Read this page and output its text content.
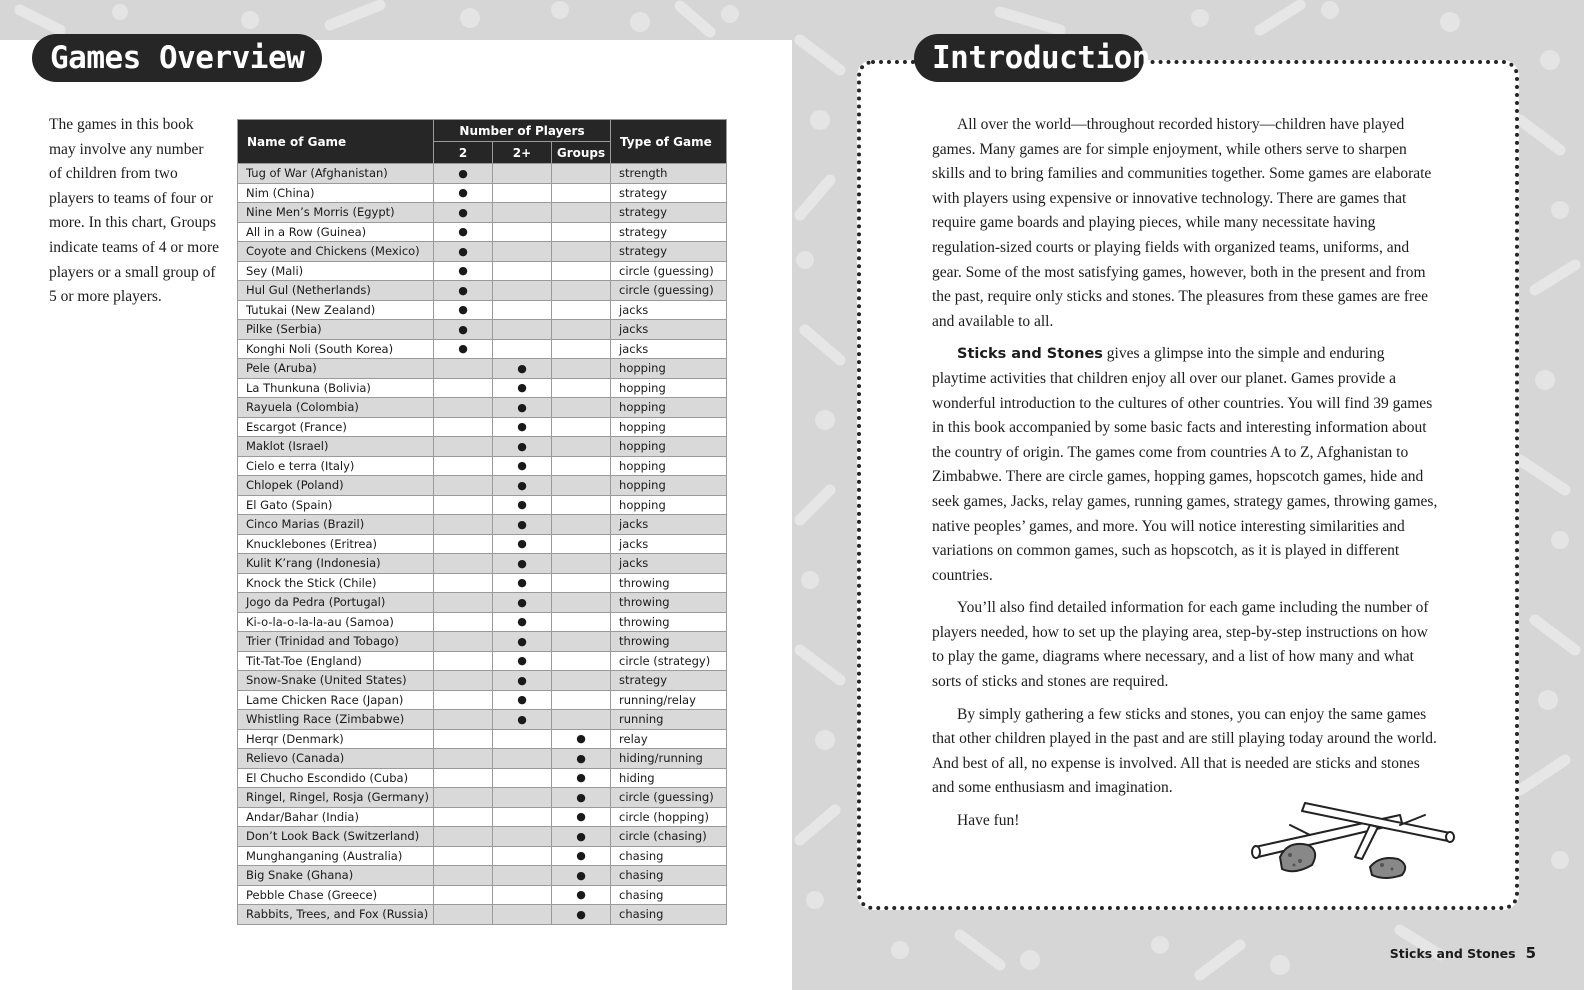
Games Overview
The games in this book may involve any number of children from two players to teams of four or more. In this chart, Groups indicate teams of 4 or more players or a small group of 5 or more players.
Name of Game	Number of Players			Type of Game
	2	2+	Groups	
Tug of War (Afghanistan)	●			strength
Nim (China)	●			strategy
Nine Men’s Morris (Egypt)	●			strategy
All in a Row (Guinea)	●			strategy
Coyote and Chickens (Mexico)	●			strategy
Sey (Mali)	●			circle (guessing)
Hul Gul (Netherlands)	●			circle (guessing)
Tutukai (New Zealand)	●			jacks
Pilke (Serbia)	●			jacks
Konghi Noli (South Korea)	●			jacks
Pele (Aruba)		●		hopping
La Thunkuna (Bolivia)		●		hopping
Rayuela (Colombia)		●		hopping
Escargot (France)		●		hopping
Maklot (Israel)		●		hopping
Cielo e terra (Italy)		●		hopping
Chlopek (Poland)		●		hopping
El Gato (Spain)		●		hopping
Cinco Marias (Brazil)		●		jacks
Knucklebones (Eritrea)		●		jacks
Kulit K’rang (Indonesia)		●		jacks
Knock the Stick (Chile)		●		throwing
Jogo da Pedra (Portugal)		●		throwing
Ki-o-la-o-la-la-au (Samoa)		●		throwing
Trier (Trinidad and Tobago)		●		throwing
Tit-Tat-Toe (England)		●		circle (strategy)
Snow-Snake (United States)		●		strategy
Lame Chicken Race (Japan)		●		running/relay
Whistling Race (Zimbabwe)		●		running
Herqr (Denmark)			●	relay
Relievo (Canada)			●	hiding/running
El Chucho Escondido (Cuba)			●	hiding
Ringel, Ringel, Rosja (Germany)			●	circle (guessing)
Andar/Bahar (India)			●	circle (hopping)
Don’t Look Back (Switzerland)			●	circle (chasing)
Munghanganing (Australia)			●	chasing
Big Snake (Ghana)			●	chasing
Pebble Chase (Greece)			●	chasing
Rabbits, Trees, and Fox (Russia)			●	chasing
Introduction

All over the world—throughout recorded history—children have played games. Many games are for simple enjoyment, while others serve to sharpen skills and to bring families and communities together. Some games are elaborate with players using expensive or innovative technology. There are games that require game boards and playing pieces, while many necessitate having regulation-sized courts or playing fields with organized teams, uniforms, and gear. Some of the most satisfying games, however, both in the present and from the past, require only sticks and stones. The pleasures from these games are free and available to all.

Sticks and Stones gives a glimpse into the simple and enduring playtime activities that children enjoy all over our planet. Games provide a wonderful introduction to the cultures of other countries. You will find 39 games in this book accompanied by some basic facts and interesting information about the country of origin. The games come from countries A to Z, Afghanistan to Zimbabwe. There are circle games, hopping games, hopscotch games, hide and seek games, Jacks, relay games, running games, strategy games, throwing games, native peoples’ games, and more. You will notice interesting similarities and variations on common games, such as hopscotch, as it is played in different countries.

You’ll also find detailed information for each game including the number of players needed, how to set up the playing area, step-by-step instructions on how to play the game, diagrams where necessary, and a list of how many and what sorts of sticks and stones are required.

By simply gathering a few sticks and stones, you can enjoy the same games that other children played in the past and are still playing today around the world. And best of all, no expense is involved. All that is needed are sticks and stones and some enthusiasm and imagination.

Have fun!

Sticks and Stones 5
